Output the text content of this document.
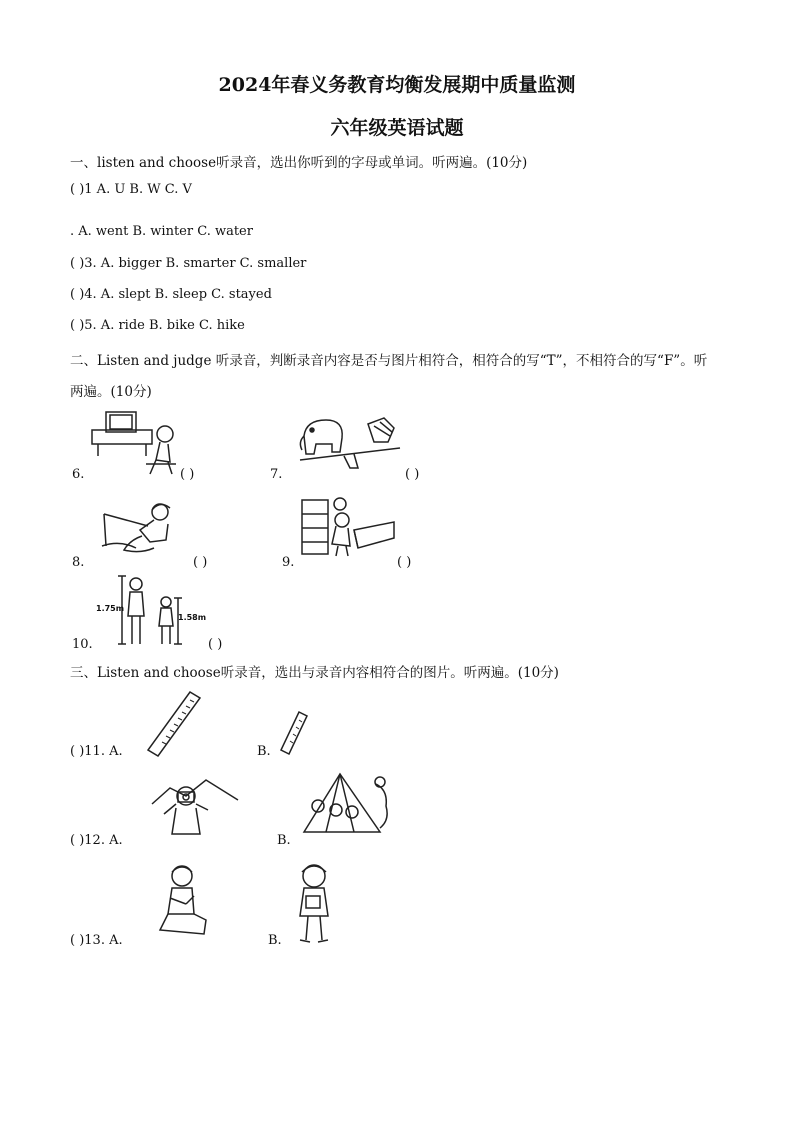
2024年春义务教育均衡发展期中质量监测
六年级英语试题
一、listen and choose听录音，选出你听到的字母或单词。听两遍。(10分)
( )1 A. U B. W C. V
. A. went B. winter C. water
( )3. A. bigger B. smarter C. smaller
( )4. A. slept B. sleep C. stayed
( )5. A. ride B. bike C. hike
二、Listen and judge 听录音，判断录音内容是否与图片相符合，相符合的写“T”，不相符合的写“F”。听
两遍。(10分)
6.	( )	7.	( )
8.	( )	9.	( )
10.
1.75m
1.58m
( )
三、Listen and choose听录音，选出与录音内容相符合的图片。听两遍。(10分)
( )11. A.	B.
( )12. A.	B.
( )13. A.	B.
